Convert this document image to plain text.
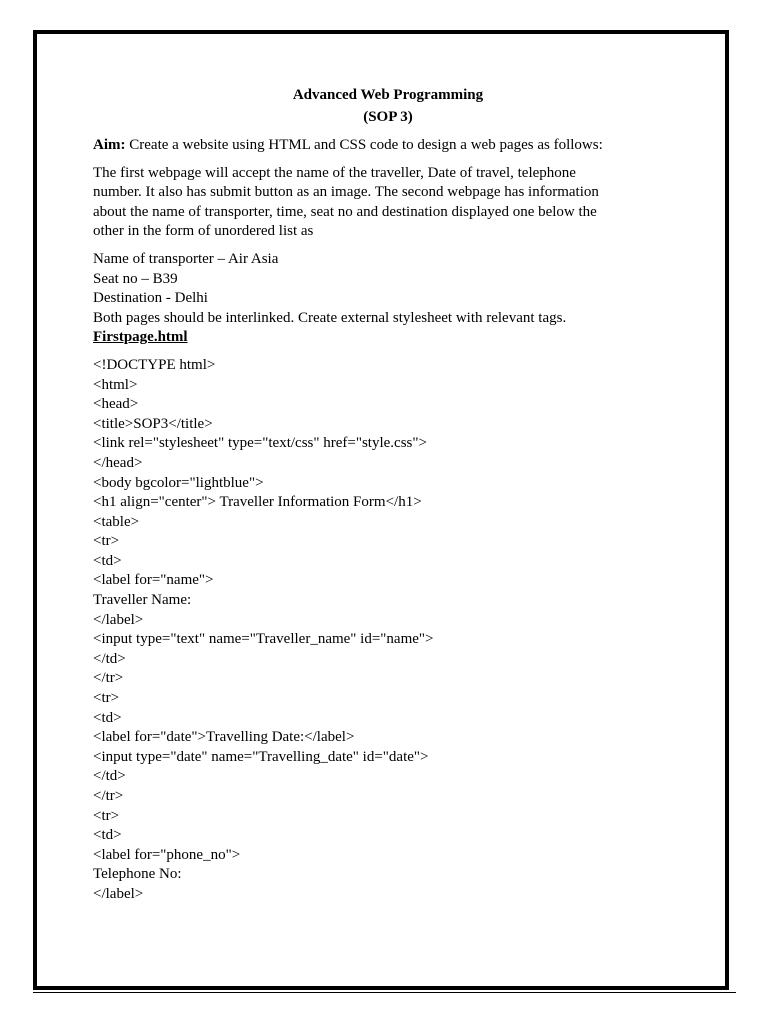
Advanced Web Programming

(SOP 3)

Aim: Create a website using HTML and CSS code to design a web pages as follows:

The first webpage will accept the name of the traveller, Date of travel, telephone
number. It also has submit button as an image. The second webpage has information
about the name of transporter, time, seat no and destination displayed one below the
other in the form of unordered list as
Name of transporter – Air Asia
Seat no – B39
Destination - Delhi
Both pages should be interlinked. Create external stylesheet with relevant tags.

Firstpage.html

<!DOCTYPE html>
<html>
<head>
<title>SOP3</title>
<link rel="stylesheet" type="text/css" href="style.css">
</head>
<body bgcolor="lightblue">
<h1 align="center"> Traveller Information Form</h1>
<table>
<tr>
<td>
<label for="name">
Traveller Name:
</label>
<input type="text" name="Traveller_name" id="name">
</td>
</tr>
<tr>
<td>
<label for="date">Travelling Date:</label>
<input type="date" name="Travelling_date" id="date">
</td>
</tr>
<tr>
<td>
<label for="phone_no">
Telephone No:
</label>
